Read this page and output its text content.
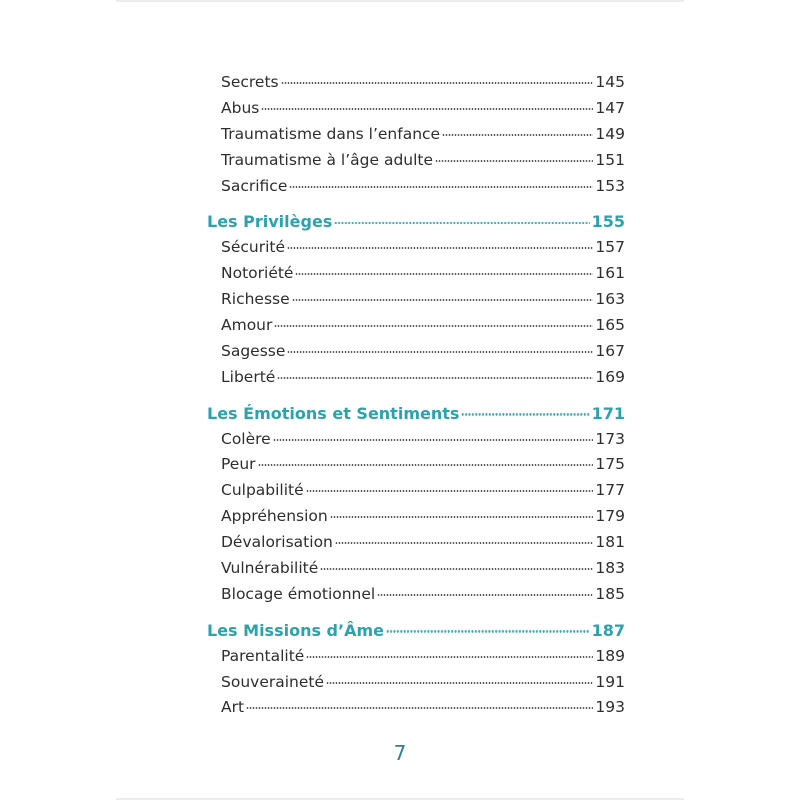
Secrets	145
Abus	147
Traumatisme dans l’enfance	149
Traumatisme à l’âge adulte	151
Sacrifice	153
Les Privilèges	155
Sécurité	157
Notoriété	161
Richesse	163
Amour	165
Sagesse	167
Liberté	169
Les Émotions et Sentiments	171
Colère	173
Peur	175
Culpabilité	177
Appréhension	179
Dévalorisation	181
Vulnérabilité	183
Blocage émotionnel	185
Les Missions d’Âme	187
Parentalité	189
Souveraineté	191
Art	193
7
